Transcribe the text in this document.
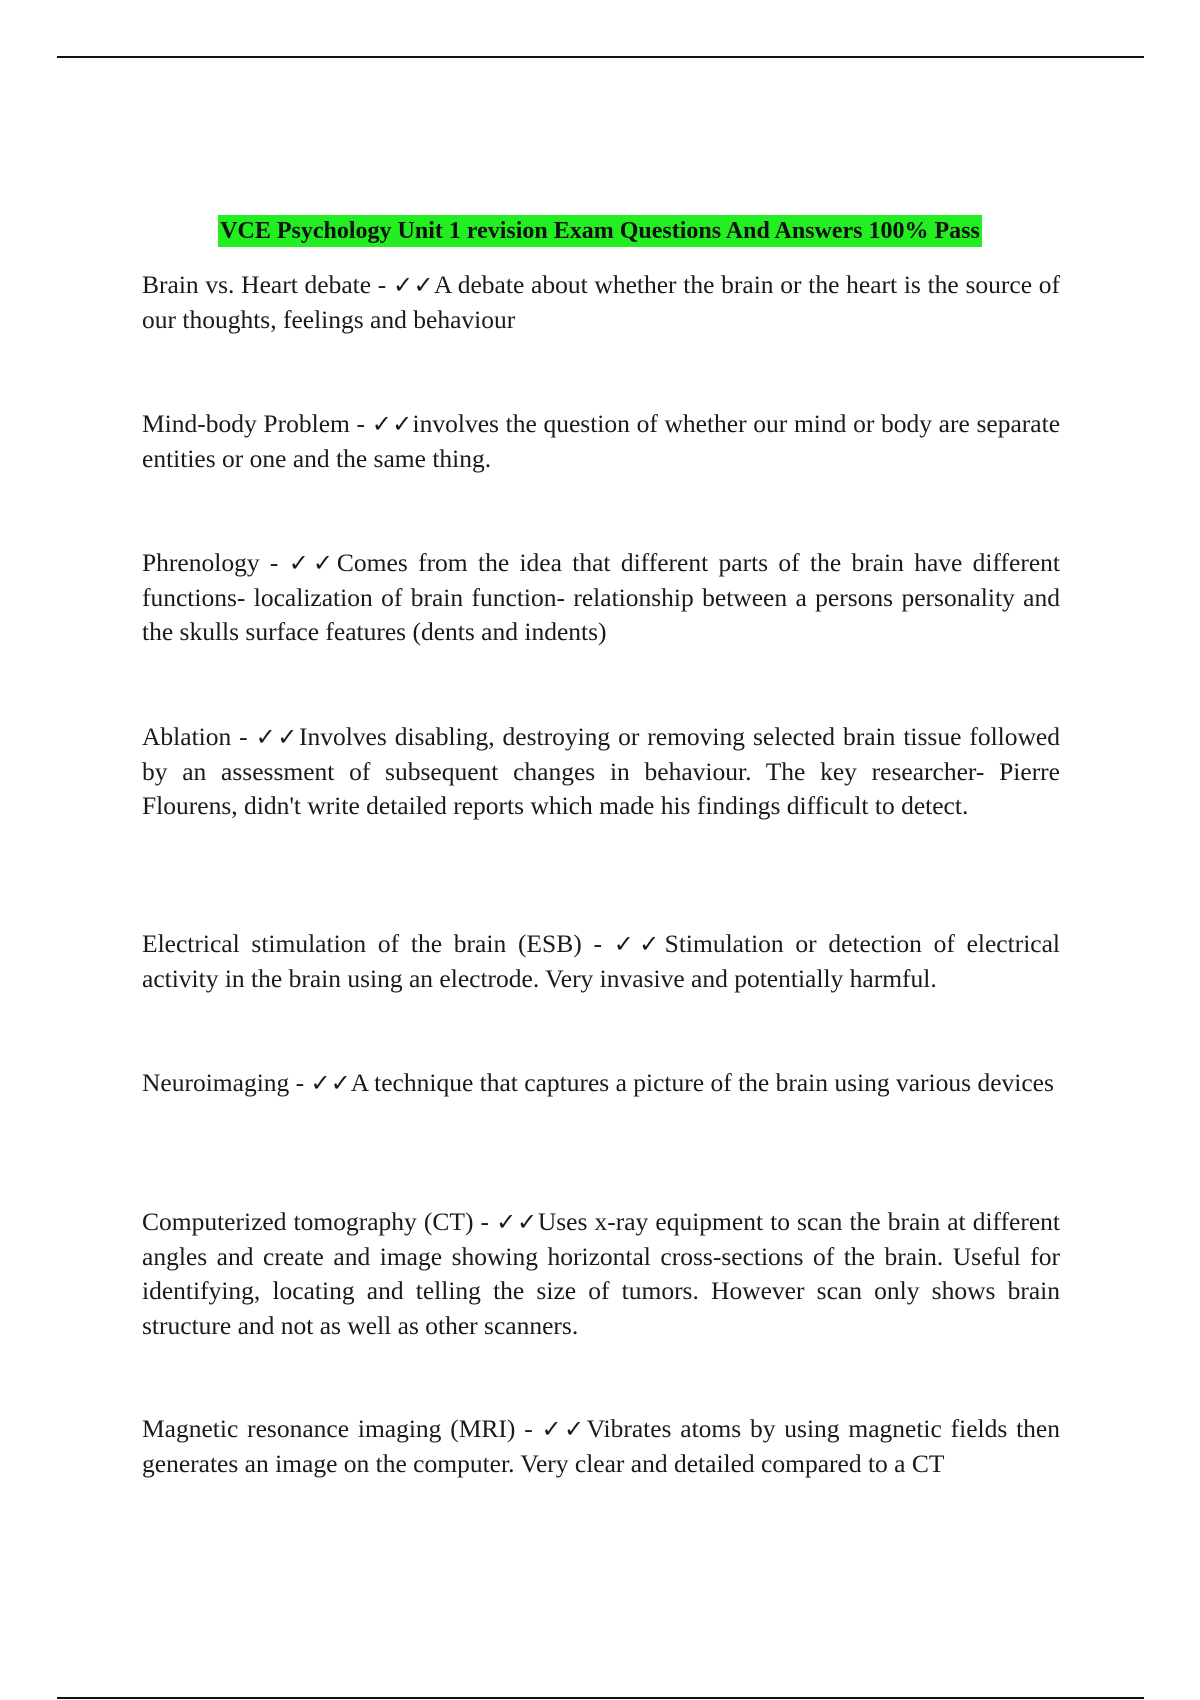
VCE Psychology Unit 1 revision Exam Questions And Answers 100% Pass

Brain vs. Heart debate - ✓✓A debate about whether the brain or the heart is the source of our thoughts, feelings and behaviour

Mind-body Problem - ✓✓involves the question of whether our mind or body are separate entities or one and the same thing.

Phrenology - ✓✓Comes from the idea that different parts of the brain have different functions- localization of brain function- relationship between a persons personality and the skulls surface features (dents and indents)

Ablation - ✓✓Involves disabling, destroying or removing selected brain tissue followed by an assessment of subsequent changes in behaviour. The key researcher- Pierre Flourens, didn't write detailed reports which made his findings difficult to detect.

Electrical stimulation of the brain (ESB) - ✓✓Stimulation or detection of electrical activity in the brain using an electrode. Very invasive and potentially harmful.

Neuroimaging - ✓✓A technique that captures a picture of the brain using various devices

Computerized tomography (CT) - ✓✓Uses x-ray equipment to scan the brain at different angles and create and image showing horizontal cross-sections of the brain. Useful for identifying, locating and telling the size of tumors. However scan only shows brain structure and not as well as other scanners.

Magnetic resonance imaging (MRI) - ✓✓Vibrates atoms by using magnetic fields then generates an image on the computer. Very clear and detailed compared to a CT
